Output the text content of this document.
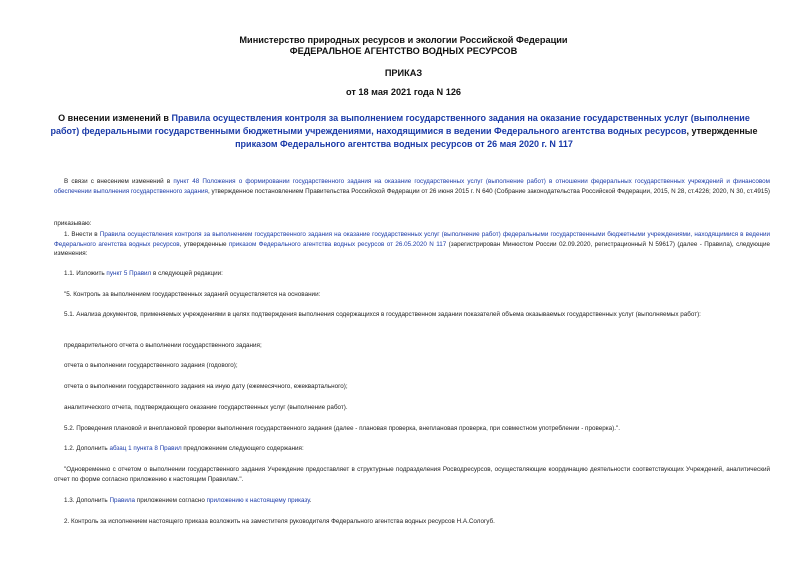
Министерство природных ресурсов и экологии Российской Федерации
ФЕДЕРАЛЬНОЕ АГЕНТСТВО ВОДНЫХ РЕСУРСОВ
ПРИКАЗ
от 18 мая 2021 года N 126
О внесении изменений в Правила осуществления контроля за выполнением государственного задания на оказание государственных услуг (выполнение работ) федеральными государственными бюджетными учреждениями, находящимися в ведении Федерального агентства водных ресурсов, утвержденные приказом Федерального агентства водных ресурсов от 26 мая 2020 г. N 117
В связи с внесением изменений в пункт 48 Положения о формировании государственного задания на оказание государственных услуг (выполнение работ) в отношении федеральных государственных учреждений и финансовом обеспечении выполнения государственного задания, утвержденное постановлением Правительства Российской Федерации от 26 июня 2015 г. N 640 (Собрание законодательства Российской Федерации, 2015, N 28, ст.4226; 2020, N 30, ст.4915)
приказываю:
1. Внести в Правила осуществления контроля за выполнением государственного задания на оказание государственных услуг (выполнение работ) федеральными государственными бюджетными учреждениями, находящимися в ведении Федерального агентства водных ресурсов, утвержденные приказом Федерального агентства водных ресурсов от 26.05.2020 N 117 (зарегистрирован Минюстом России 02.09.2020, регистрационный N 59617) (далее - Правила), следующие изменения:
1.1. Изложить пункт 5 Правил в следующей редакции:
"5. Контроль за выполнением государственных заданий осуществляется на основании:
5.1. Анализа документов, применяемых учреждениями в целях подтверждения выполнения содержащихся в государственном задании показателей объема оказываемых государственных услуг (выполняемых работ):
предварительного отчета о выполнении государственного задания;
отчета о выполнении государственного задания (годового);
отчета о выполнении государственного задания на иную дату (ежемесячного, ежеквартального);
аналитического отчета, подтверждающего оказание государственных услуг (выполнение работ).
5.2. Проведения плановой и внеплановой проверки выполнения государственного задания (далее - плановая проверка, внеплановая проверка, при совместном употреблении - проверка).".
1.2. Дополнить абзац 1 пункта 8 Правил предложением следующего содержания:
"Одновременно с отчетом о выполнении государственного задания Учреждение предоставляет в структурные подразделения Росводресурсов, осуществляющие координацию деятельности соответствующих Учреждений, аналитический отчет по форме согласно приложению к настоящим Правилам.".
1.3. Дополнить Правила приложением согласно приложению к настоящему приказу.
2. Контроль за исполнением настоящего приказа возложить на заместителя руководителя Федерального агентства водных ресурсов Н.А.Сологуб.
